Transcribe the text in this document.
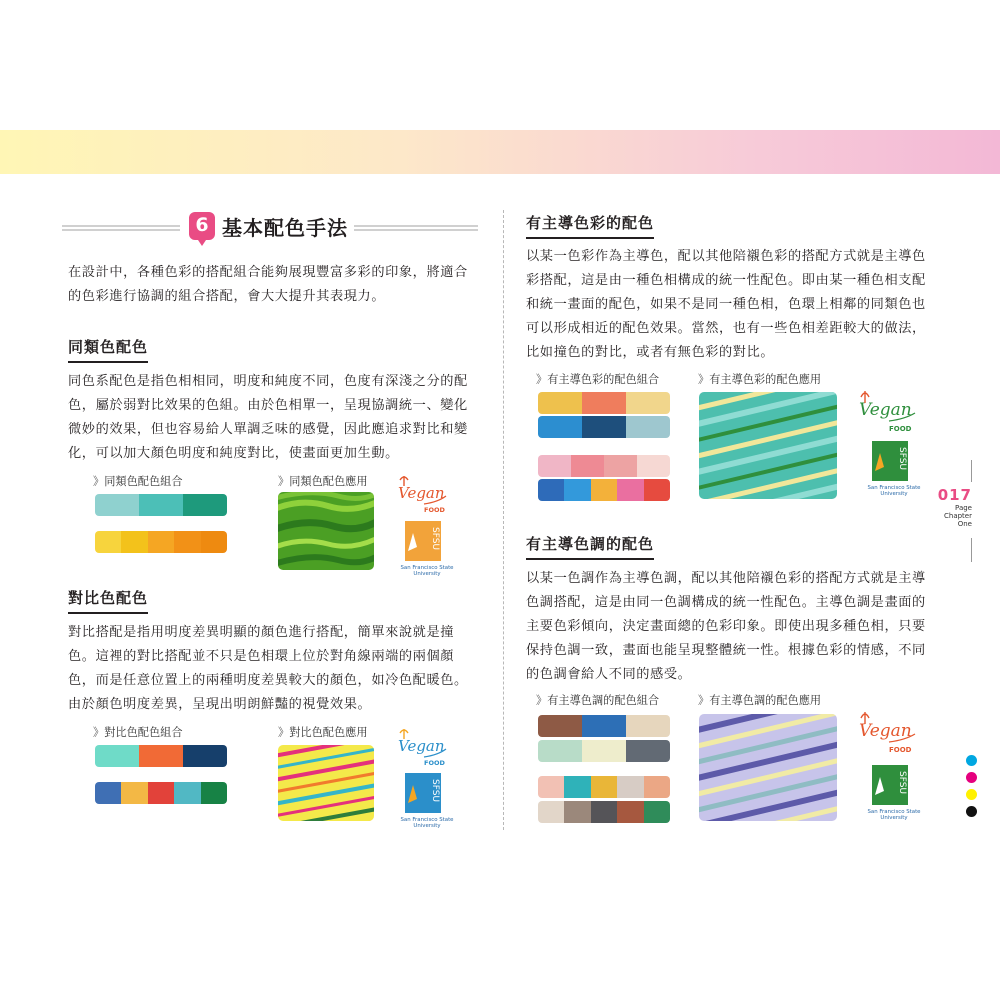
6 基本配色手法
在設計中，各種色彩的搭配組合能夠展現豐富多彩的印象，將適合
的色彩進行協調的組合搭配，會大大提升其表現力。
同類色配色
同色系配色是指色相相同，明度和純度不同，色度有深淺之分的配
色，屬於弱對比效果的色組。由於色相單一，呈現協調統一、變化
微妙的效果，但也容易給人單調乏味的感覺，因此應追求對比和變
化，可以加大顏色明度和純度對比，使畫面更加生動。
》同類色配色組合	》同類色配色應用
Vegan
FOOD
SFSU
San Francisco State University
對比色配色
對比搭配是指用明度差異明顯的顏色進行搭配，簡單來說就是撞
色。這裡的對比搭配並不只是色相環上位於對角線兩端的兩個顏
色，而是任意位置上的兩種明度差異較大的顏色，如冷色配暖色。
由於顏色明度差異，呈現出明朗鮮豔的視覺效果。
》對比色配色組合	》對比色配色應用
Vegan
FOOD
SFSU
San Francisco State University
有主導色彩的配色
以某一色彩作為主導色，配以其他陪襯色彩的搭配方式就是主導色
彩搭配，這是由一種色相構成的統一性配色。即由某一種色相支配
和統一畫面的配色，如果不是同一種色相，色環上相鄰的同類色也
可以形成相近的配色效果。當然，也有一些色相差距較大的做法，
比如撞色的對比，或者有無色彩的對比。
》有主導色彩的配色組合	》有主導色彩的配色應用
Vegan
FOOD
SFSU
San Francisco State University
有主導色調的配色
以某一色調作為主導色調，配以其他陪襯色彩的搭配方式就是主導
色調搭配，這是由同一色調構成的統一性配色。主導色調是畫面的
主要色彩傾向，決定畫面總的色彩印象。即使出現多種色相，只要
保持色調一致，畫面也能呈現整體統一性。根據色彩的情感，不同
的色調會給人不同的感受。
》有主導色調的配色組合	》有主導色調的配色應用
Vegan
FOOD
SFSU
San Francisco State University
017
Page
Chapter
One
